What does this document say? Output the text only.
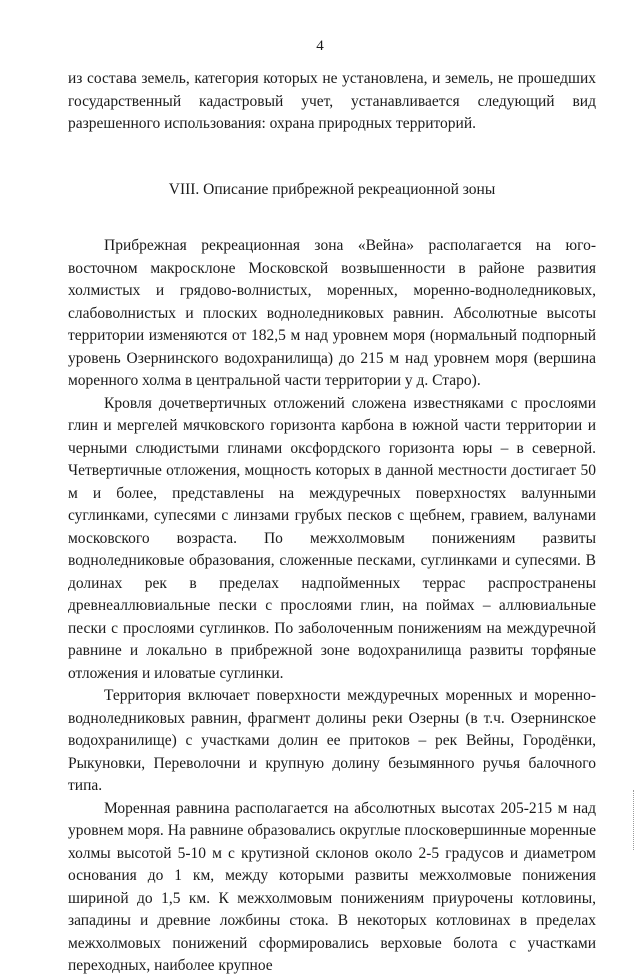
4

из состава земель, категория которых не установлена, и земель, не прошедших государственный кадастровый учет, устанавливается следующий вид разрешенного использования: охрана природных территорий.

VIII. Описание прибрежной рекреационной зоны

Прибрежная рекреационная зона «Вейна» располагается на юго-восточном макросклоне Московской возвышенности в районе развития холмистых и грядово-волнистых, моренных, моренно-водноледниковых, слабоволнистых и плоских водноледниковых равнин. Абсолютные высоты территории изменяются от 182,5 м над уровнем моря (нормальный подпорный уровень Озернинского водохранилища) до 215 м над уровнем моря (вершина моренного холма в центральной части территории у д. Старо).

Кровля дочетвертичных отложений сложена известняками с прослоями глин и мергелей мячковского горизонта карбона в южной части территории и черными слюдистыми глинами оксфордского горизонта юры – в северной. Четвертичные отложения, мощность которых в данной местности достигает 50 м и более, представлены на междуречных поверхностях валунными суглинками, супесями с линзами грубых песков с щебнем, гравием, валунами московского возраста. По межхолмовым понижениям развиты водноледниковые образования, сложенные песками, суглинками и супесями. В долинах рек в пределах надпойменных террас распространены древнеаллювиальные пески с прослоями глин, на поймах – аллювиальные пески с прослоями суглинков. По заболоченным понижениям на междуречной равнине и локально в прибрежной зоне водохранилища развиты торфяные отложения и иловатые суглинки.

Территория включает поверхности междуречных моренных и моренно-водноледниковых равнин, фрагмент долины реки Озерны (в т.ч. Озернинское водохранилище) с участками долин ее притоков – рек Вейны, Городёнки, Рыкуновки, Переволочни и крупную долину безымянного ручья балочного типа.

Моренная равнина располагается на абсолютных высотах 205-215 м над уровнем моря. На равнине образовались округлые плосковершинные моренные холмы высотой 5-10 м с крутизной склонов около 2-5 градусов и диаметром основания до 1 км, между которыми развиты межхолмовые понижения шириной до 1,5 км. К межхолмовым понижениям приурочены котловины, западины и древние ложбины стока. В некоторых котловинах в пределах межхолмовых понижений сформировались верховые болота с участками переходных, наиболее крупное
